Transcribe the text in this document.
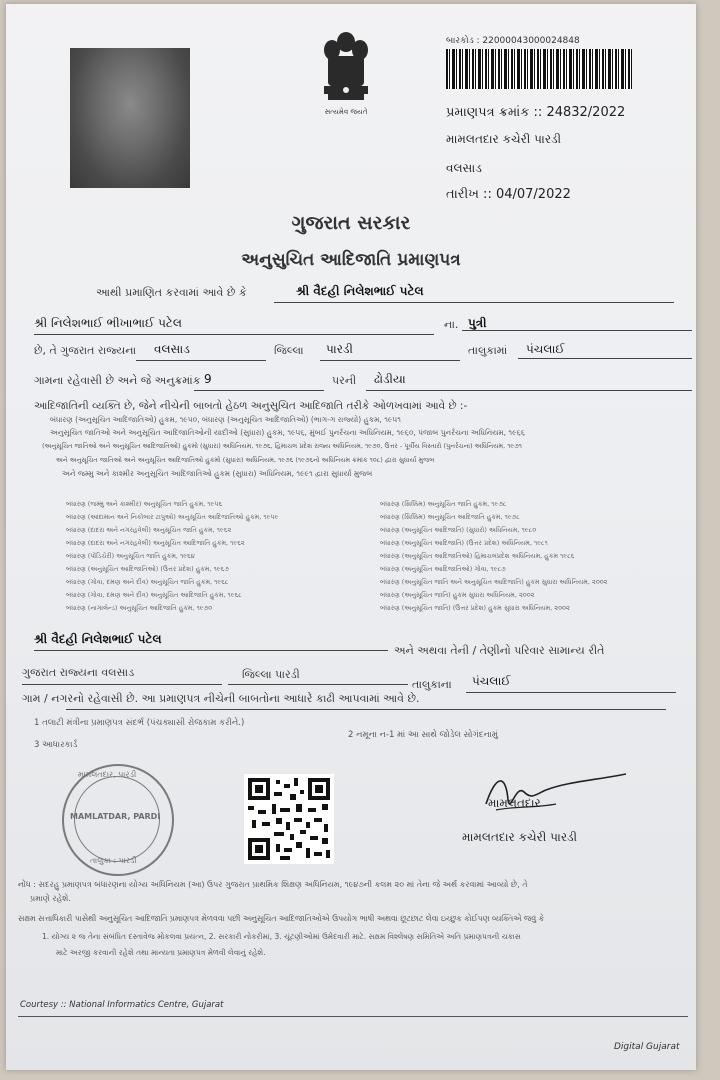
સત્યમેવ જયતે
બારકોડ : 22000043000024848
પ્રમાણપત્ર ક્રમાંક :: 24832/2022
મામલતદાર કચેરી પારડી
વલસાડ
તારીખ :: 04/07/2022
ગુજરાત સરકાર
અનુસુચિત આદિજાતિ પ્રમાણપત્ર
આથી પ્રમાણિત કરવામાં આવે છે કે	શ્રી વૈદહી નિલેશભાઈ પટેલ
શ્રી નિલેશભાઈ ભીખાભાઈ પટેલ	ના. પુત્રી
છે, તે ગુજરાત રાજ્યના વલસાડ	જિલ્લા પારડી	તાલુકામાં પંચલાઈ
ગામના રહેવાસી છે અને જે અનુક્રમાંક 9	પરની ઢોડીયા
આદિજાતિની વ્યક્તિ છે, જેને નીચેની બાબતો હેઠળ અનુસુચિત આદિજાતિ તરીકે ઓળખવામાં આવે છે :-
બંધારણ (અનુસૂચિત આદિજાતિઓ) હુકમ, ૧૯૫૦, બંધારણ (અનુસૂચિત આદિજાતિઓ) (ભાગ-ગ રાજ્યો) હુકમ, ૧૯૫૧
અનુસૂચિત જાતિઓ અને અનુસૂચિત આદિજાતિઓની યાદીઓ (સુધારા) હુકમ, ૧૯૫૬, મુંબઈ પુનર્રચના અધિનિયમ, ૧૯૬૦, પંજાબ પુનર્રચના અધિનિયમ, ૧૯૬૬
(અનુસૂચિત જાતિઓ અને અનુસૂચિત આદિજાતિઓ) હુકમો (સુધારા) અધિનિયમ, ૧૯૭૬, હિમાચલ પ્રદેશ રાજ્ય અધિનિયમ, ૧૯૭૦, ઉત્તર - પૂર્વીય વિસ્તારો (પુનર્રચના) અધિનિયમ, ૧૯૭૧
અને અનુસૂચિત જાતિઓ અને અનુસૂચિત આદિજાતિઓ હુકમો (સુધારા) અધિનિયમ, ૧૯૭૬ (૧૯૭૬નો અધિનિયમ ક્રમાંક ૧૦૮) દ્વારા સુધાર્યા મુજબ
અને જમ્મુ અને કાશ્મીર અનુસૂચિત આદિજાતિઓ હુકમ (સુધારા) અધિનિયમ, ૧૯૯૧ દ્વારા સુધાર્યા મુજબ
બંધારણ (જમ્મુ અને કાશ્મીર) અનુસૂચિત જાતિ હુકમ, ૧૯૫૬
બંધારણ (આંદામાન અને નિકોબાર ટાપુઓ) અનુસૂચિત આદિજાતિઓ હુકમ, ૧૯૫૯
બંધારણ (દાદરા અને નગરહવેલી) અનુસૂચિત જાતિ હુકમ, ૧૯૬૨
બંધારણ (દાદરા અને નગરહવેલી) અનુસૂચિત આદિજાતિ હુકમ, ૧૯૬૨
બંધારણ (પોંડિચેરી) અનુસૂચિત જાતિ હુકમ, ૧૯૬૪
બંધારણ (અનુસૂચિત આદિજાતિઓ) (ઉત્તર પ્રદેશ) હુકમ, ૧૯૬૭
બંધારણ (ગોવા, દમણ અને દીવ) અનુસૂચિત જાતિ હુકમ, ૧૯૬૮
બંધારણ (ગોવા, દમણ અને દીવ) અનુસૂચિત આદિજાતિ હુકમ, ૧૯૬૮
બંધારણ (નાગાલેન્ડ) અનુસૂચિત આદિજાતિ હુકમ, ૧૯૭૦
બંધારણ (સિક્કિમ) અનુસૂચિત જાતિ હુકમ, ૧૯૭૮
બંધારણ (સિક્કિમ) અનુસૂચિત આદિજાતિ હુકમ, ૧૯૭૮
બંધારણ (અનુસૂચિત આદિજાતિ) (સુધારો) અધિનિયમ, ૧૯૮૦
બંધારણ (અનુસૂચિત આદિજાતિ) (ઉત્તર પ્રદેશ) અધિનિયમ, ૧૯૮૧
બંધારણ (અનુસૂચિત આદિજાતિઓ) હિમાચલપ્રદેશ અધિનિયમ, હુકમ ૧૯૮૬
બંધારણ (અનુસૂચિત આદિજાતિઓ) ગોવા, ૧૯૮૭
બંધારણ (અનુસૂચિત જાતિ અને અનુસૂચિત આદિજાતિ) હુકમ સુધારા અધિનિયમ, ૨૦૦૨
બંધારણ (અનુસૂચિત જાતિ) હુકમ સુધારા અધિનિયમ, ૨૦૦૨
બંધારણ (અનુસૂચિત જાતિ) (ઉત્તર પ્રદેશ) હુકમ સુધારા અધિનિયમ, ૨૦૦૨
શ્રી વૈદહી નિલેશભાઈ પટેલ
અને અથવા તેની / તેણીનો પરિવાર સામાન્ય રીતે
ગુજરાત રાજ્યના વલસાડ	જિલ્લા પારડી
તાલુકાના પંચલાઈ
ગામ / નગરનો રહેવાસી છે. આ પ્રમાણપત્ર નીચેની બાબતોના આધારે કાઢી આપવામાં આવે છે.
1 તલાટી મંત્રીના પ્રમાણપત્ર સંદર્ભ (પંચક્યાસી રોજકામ કરીને.)
2 નમૂના ન-1 માં આ સાથે જોડેલ સોગંદનામું
3 આધારકાર્ડ
મામલતદાર, પારડી
MAMLATDAR, PARDI
તાલુકા : પારડી
મામલતદાર
મામલતદાર કચેરી પારડી
નોંધ : સદરહુ પ્રમાણપત્ર બંધારણના યોગ્ય અધિનિયમ (આ) ઉપર ગુજરાત પ્રાથમિક શિક્ષણ અધિનિયમ, ૧૯૪૭ની કલમ ૨૦ માં તેના જે અર્થ કરવામાં આવ્યો છે, તે
પ્રમાણે રહેશે.
સક્ષમ સત્તાધિકારી પાસેથી અનુસૂચિત આદિજાતિ પ્રમાણપત્ર મેળવવા પછી અનુસૂચિત આદિજાતિઓએ ઉપયોગ ભાષી અથવા છૂટછાટ લેવા ઇચ્છુક કોઈપણ વ્યક્તિએ જવું કે
1. યોગ્ય ૨ જ તેના સંબંધિત દસ્તાવેજ મોકલવા પ્રયત્ન, 2. સરકારી નોકરીમાં, 3. ચૂંટણીઓમાં ઉમેદવારી માટે. સક્ષમ વિશ્લેષણ સમિતિએ અતિ પ્રમાણપત્રની ચકાસ
માટે અરજી કરવાની રહેશે તથા માન્યતા પ્રમાણપત્ર મેળવી લેવાનું રહેશે.
Courtesy :: National Informatics Centre, Gujarat
Digital Gujarat
